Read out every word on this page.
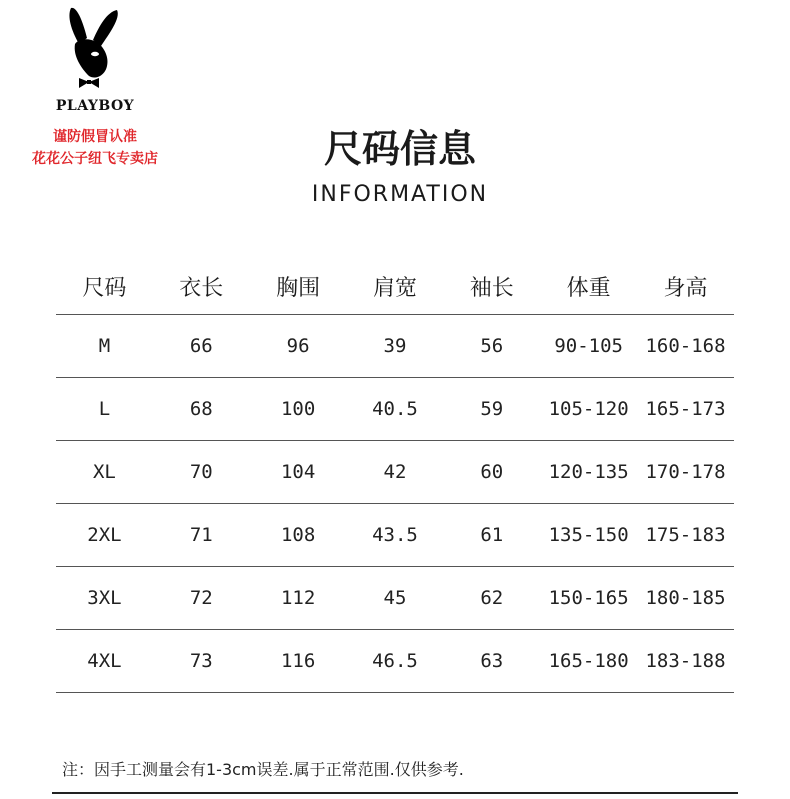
PLAYBOY
谨防假冒认准
花花公子纽飞专卖店	尺码信息
INFORMATION
尺码	衣长	胸围	肩宽	袖长	体重	身高
M	66	96	39	56	90-105	160-168
L	68	100	40.5	59	105-120 165-173
XL	70	104	42	60	120-135 170-178
2XL	71	108	43.5	61	135-150 175-183
3XL	72	112	45	62	150-165 180-185
4XL	73	116	46.5	63	165-180 183-188
注：因手工测量会有1-3cm误差.属于正常范围.仅供参考.
